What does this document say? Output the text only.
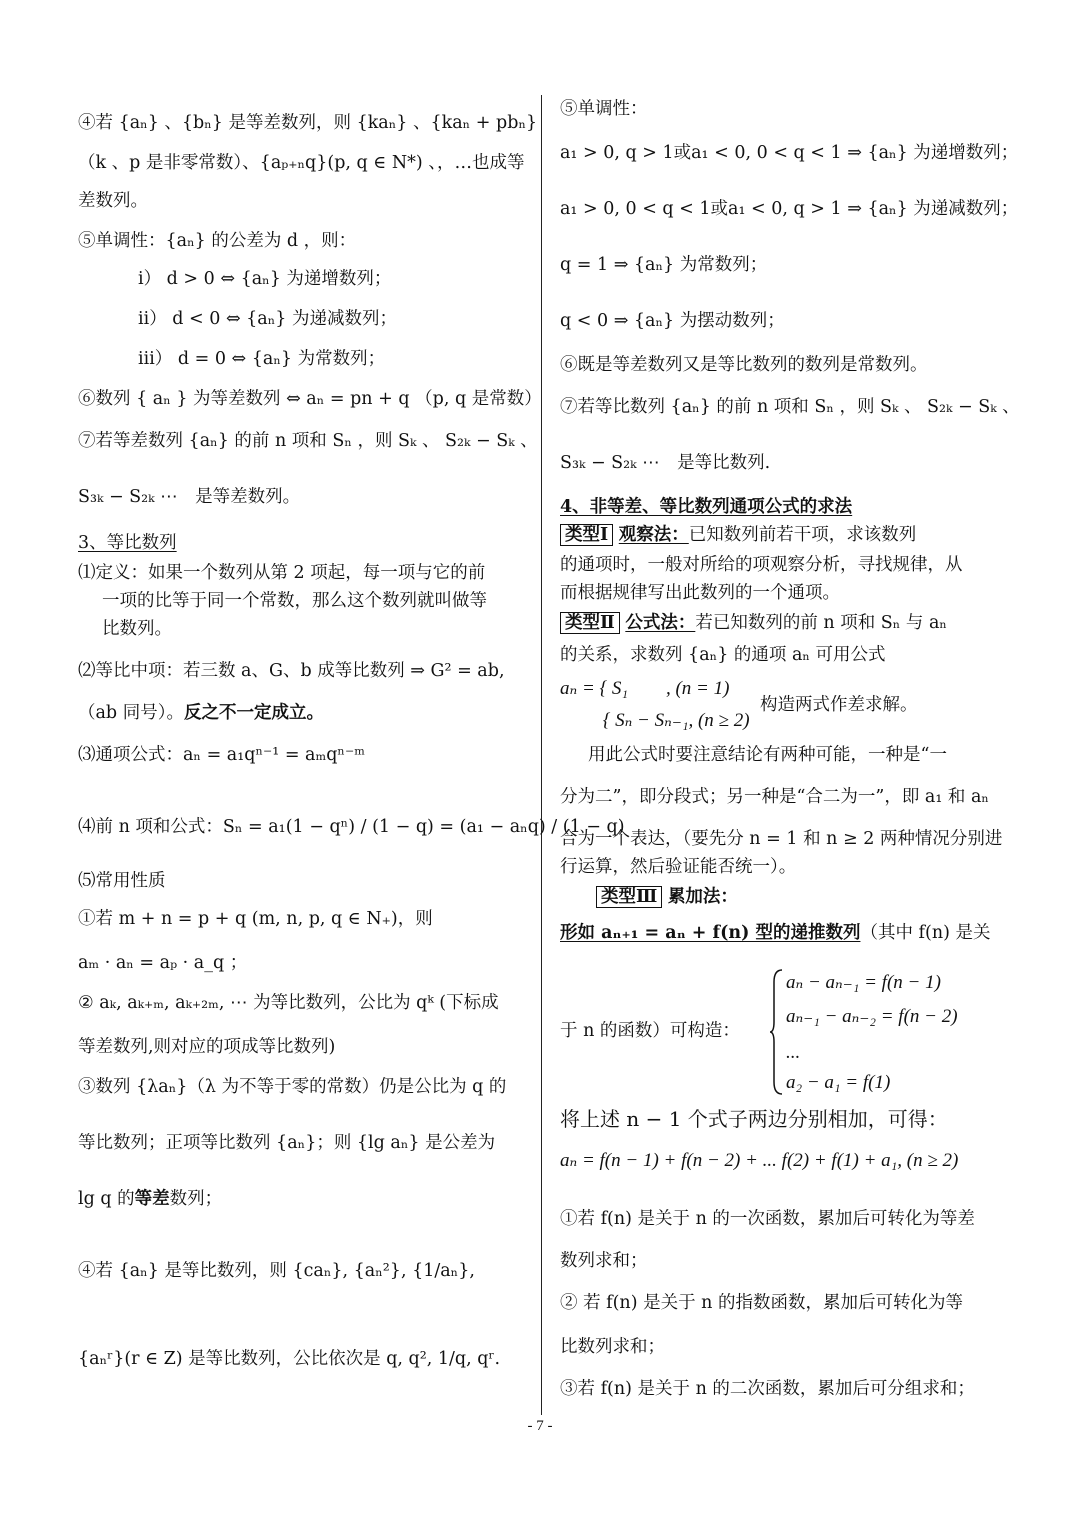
④若 {aₙ} 、{bₙ} 是等差数列，则 {kaₙ} 、{kaₙ + pbₙ}
（k 、p 是非零常数）、{aₚ₊ₙq}(p, q ∈ N*) 、，…也成等
差数列。
⑤单调性：{aₙ} 的公差为 d ，则：
ⅰ） d > 0 ⇔ {aₙ} 为递增数列；
ⅱ） d < 0 ⇔ {aₙ} 为递减数列；
ⅲ） d = 0 ⇔ {aₙ} 为常数列；
⑥数列 { aₙ } 为等差数列 ⇔ aₙ = pn + q （p, q 是常数）
⑦若等差数列 {aₙ} 的前 n 项和 Sₙ ，则 Sₖ 、 S₂ₖ − Sₖ 、
S₃ₖ − S₂ₖ ⋯　是等差数列。
3、等比数列
⑴定义：如果一个数列从第 2 项起，每一项与它的前
一项的比等于同一个常数，那么这个数列就叫做等
比数列。
⑵等比中项：若三数 a、G、b 成等比数列 ⇒ G² = ab,
（ab 同号）。反之不一定成立。
⑶通项公式：aₙ = a₁qⁿ⁻¹ = aₘqⁿ⁻ᵐ
⑷前 n 项和公式：Sₙ = a₁(1 − qⁿ) / (1 − q) = (a₁ − aₙq) / (1 − q)
⑸常用性质
①若 m + n = p + q (m, n, p, q ∈ N₊)，则
aₘ · aₙ = aₚ · a_q ；
② aₖ, aₖ₊ₘ, aₖ₊₂ₘ, ⋯ 为等比数列，公比为 qᵏ (下标成
等差数列,则对应的项成等比数列)
③数列 {λaₙ}（λ 为不等于零的常数）仍是公比为 q 的
等比数列；正项等比数列 {aₙ}；则 {lg aₙ} 是公差为
lg q 的等差数列；
④若 {aₙ} 是等比数列，则 {caₙ}, {aₙ²}, {1/aₙ},
{aₙʳ}(r ∈ Z) 是等比数列，公比依次是 q, q², 1/q, qʳ.
⑤单调性：
a₁ > 0, q > 1或a₁ < 0, 0 < q < 1 ⇒ {aₙ} 为递增数列；
a₁ > 0, 0 < q < 1或a₁ < 0, q > 1 ⇒ {aₙ} 为递减数列；
q = 1 ⇒ {aₙ} 为常数列；
q < 0 ⇒ {aₙ} 为摆动数列；
⑥既是等差数列又是等比数列的数列是常数列。
⑦若等比数列 {aₙ} 的前 n 项和 Sₙ ，则 Sₖ 、 S₂ₖ − Sₖ 、
S₃ₖ − S₂ₖ ⋯　是等比数列.
4、非等差、等比数列通项公式的求法
类型Ⅰ 观察法：已知数列前若干项，求该数列
的通项时，一般对所给的项观察分析，寻找规律，从
而根据规律写出此数列的一个通项。
类型Ⅱ 公式法：若已知数列的前 n 项和 Sₙ 与 aₙ
的关系，求数列 {aₙ} 的通项 aₙ 可用公式
aₙ = { S₁　　, (n = 1)
构造两式作差求解。
　　 { Sₙ − Sₙ₋₁, (n ≥ 2)
用此公式时要注意结论有两种可能，一种是“一
分为二”，即分段式；另一种是“合二为一”，即 a₁ 和 aₙ
合为一个表达，（要先分 n = 1 和 n ≥ 2 两种情况分别进
行运算，然后验证能否统一）。
类型Ⅲ 累加法：
形如 aₙ₊₁ = aₙ + f(n) 型的递推数列（其中 f(n) 是关
aₙ − aₙ₋₁ = f(n − 1)
aₙ₋₁ − aₙ₋₂ = f(n − 2)
于 n 的函数）可构造：
...
a₂ − a₁ = f(1)
将上述 n − 1 个式子两边分别相加，可得：
aₙ = f(n − 1) + f(n − 2) + ... f(2) + f(1) + a₁, (n ≥ 2)
①若 f(n) 是关于 n 的一次函数，累加后可转化为等差
数列求和；
② 若 f(n) 是关于 n 的指数函数，累加后可转化为等
比数列求和；
③若 f(n) 是关于 n 的二次函数，累加后可分组求和；
- 7 -
